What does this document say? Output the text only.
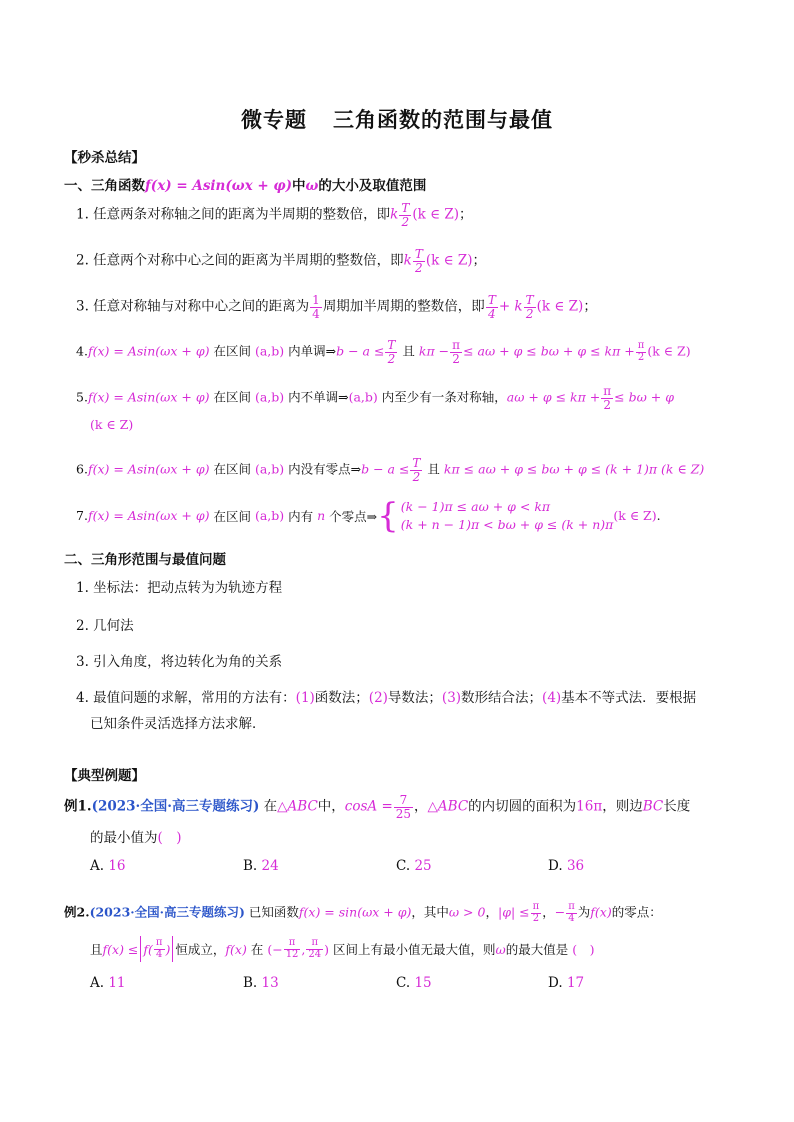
微专题 三角函数的范围与最值
【秒杀总结】
一、三角函数f(x) = Asin(ωx + φ)中ω的大小及取值范围
1. 任意两条对称轴之间的距离为半周期的整数倍，即k $\frac{T}{2} (k$ ∈ Z)；
2. 任意两个对称中心之间的距离为半周期的整数倍，即k $\frac{T}{2} (k$ ∈ Z)；
3. 任意对称轴与对称中心之间的距离为 $\frac{1}{4}$ 周期加半周期的整数倍，即 $\frac{T}{4} + k \frac{T}{2} (k$ ∈ Z)；
4.f(x) = Asin(ωx + φ) 在区间 (a,b) 内单调⇒b − $a \le \frac{T}{2}$ 且 $k\pi - \frac{\pi}{2} \le a\omega + \varphi \le b\omega + \varphi \le k\pi + \frac{\pi}{2} (k$ ∈ Z)
5.f(x) = Asin(ωx + φ) 在区间 (a,b) 内不单调⇒(a,b) 内至少有一条对称轴，$a\omega + \varphi \le k\pi + \frac{\pi}{2} \le b\omega + \varphi$
(k ∈ Z)
6.f(x) = Asin(ωx + φ) 在区间 (a,b) 内没有零点⇒b − $a \le \frac{T}{2}$ 且 kπ ≤ aω + φ ≤ bω + φ ≤ (k + 1)π (k ∈ Z)
7. f(x) = Asin(ωx + φ)
在区间
(a,b)
内有
n
个零点⇒ { (k − 1)π ≤ aω + φ < kπ
(k + n − 1)π < bω + φ ≤ (k + n)π
(k ∈ Z) .
二、三角形范围与最值问题
1. 坐标法：把动点转为为轨迹方程
2. 几何法
3. 引入角度，将边转化为角的关系
4. 最值问题的求解，常用的方法有：(1)函数法；(2)导数法；(3)数形结合法；(4)基本不等式法．要根据
已知条件灵活选择方法求解．
【典型例题】
例1.(2023·全国·高三专题练习) 在△ABC中，$\cos A = \frac{7}{25}$ ，△ABC的内切圆的面积为16π，则边BC长度
的最小值为(　)
A. 16	B. 24	C. 25	D. 36
例2.(2023·全国·高三专题练习) 已知函数f(x) = sin(ωx + φ)，其中ω > 0，$|\varphi| \le \frac{\pi}{2}$ ，− $\frac{\pi}{4}$ 为f(x)的零点：
且 $f(x) \le f( \frac{\pi}{4}$ ) 恒成立， f(x)
在
(− $\frac{\pi}{12}$ , $\frac{\pi}{24}$ )
区间上有最小值无最大值，则 ω 的最大值是
(　)
A. 11	B. 13	C. 15	D. 17
